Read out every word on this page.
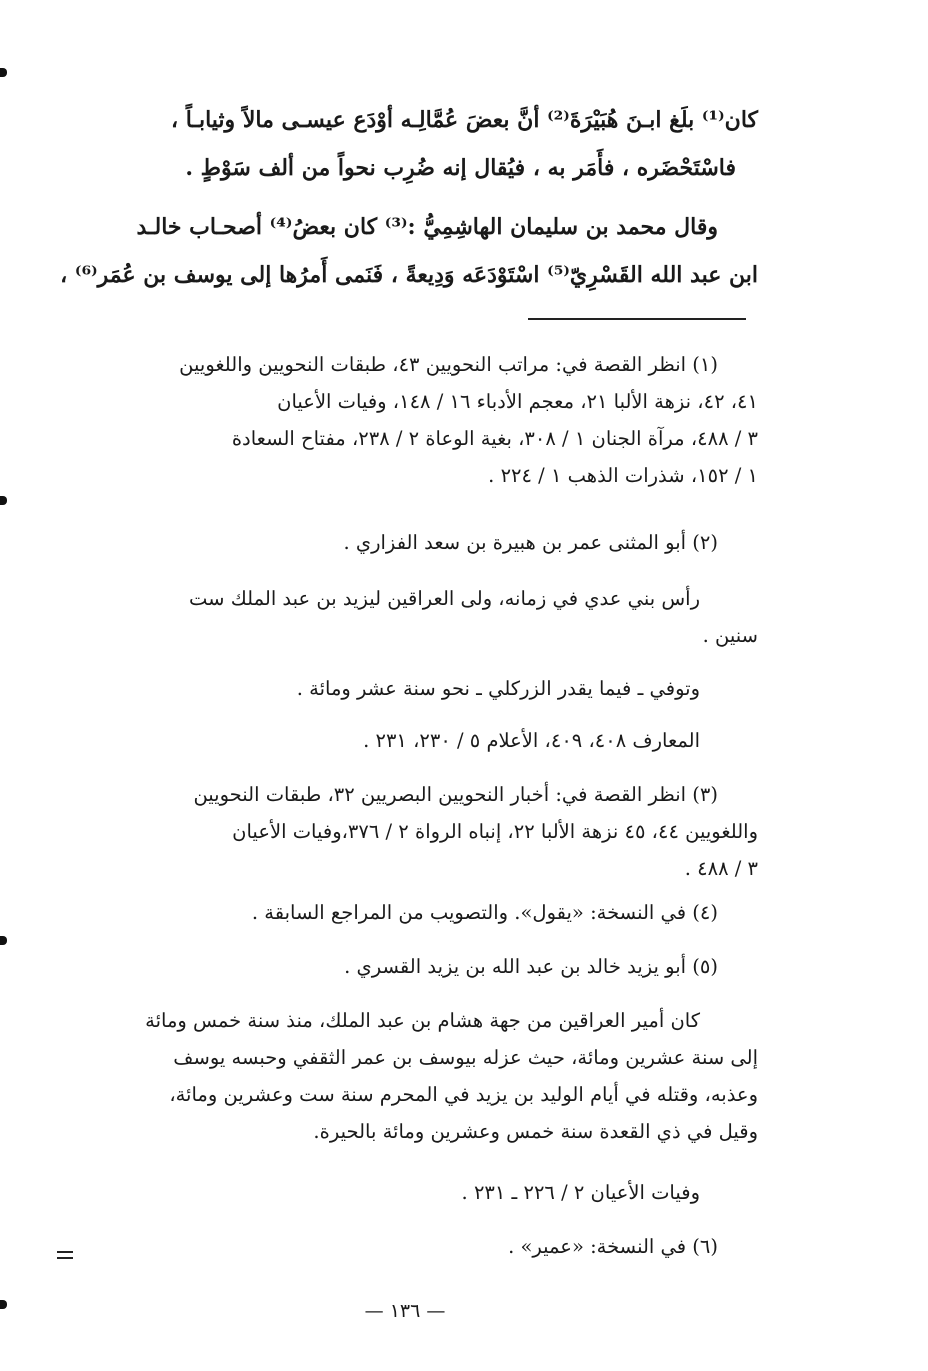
كان⁽¹⁾ بلَغ ابـنَ هُبَيْرَةَ⁽²⁾ أنَّ بعضَ عُمَّالِـه أوْدَع عيسـى مالاً وثيابـاً ،
فاسْتَحْضَره ، فأَمَر به ، فيُقال إنه ضُرِب نحواً من ألف سَوْطٍ .
وقال محمد بن سليمان الهاشِمِيُّ :⁽³⁾ كان بعضُ⁽⁴⁾ أصحـاب خالـد
ابن عبد الله القَسْرِيّ⁽⁵⁾ اسْتَوْدَعَه وَدِيعةً ، فَنَمى أَمرُها إلى يوسف بن عُمَر⁽⁶⁾ ،
(١) انظر القصة في: مراتب النحويين ٤٣، طبقات النحويين واللغويين
٤١، ٤٢، نزهة الألبا ٢١، معجم الأدباء ١٦ / ١٤٨، وفيات الأعيان
٣ / ٤٨٨، مرآة الجنان ١ / ٣٠٨، بغية الوعاة ٢ / ٢٣٨، مفتاح السعادة
١ / ١٥٢، شذرات الذهب ١ / ٢٢٤ .
(٢) أبو المثنى عمر بن هبيرة بن سعد الفزاري .
رأس بني عدي في زمانه، ولى العراقين ليزيد بن عبد الملك ست
سنين .
وتوفي ـ فيما يقدر الزركلي ـ نحو سنة عشر ومائة .
المعارف ٤٠٨، ٤٠٩، الأعلام ٥ / ٢٣٠، ٢٣١ .
(٣) انظر القصة في: أخبار النحويين البصريين ٣٢، طبقات النحويين
واللغويين ٤٤، ٤٥ نزهة الألبا ٢٢، إنباه الرواة ٢ / ٣٧٦،وفيات الأعيان
٣ / ٤٨٨ .
(٤) في النسخة: «يقول». والتصويب من المراجع السابقة .
(٥) أبو يزيد خالد بن عبد الله بن يزيد القسري .
كان أمير العراقين من جهة هشام بن عبد الملك، منذ سنة خمس ومائة
إلى سنة عشرين ومائة، حيث عزله بيوسف بن عمر الثقفي وحبسه يوسف
وعذبه، وقتله في أيام الوليد بن يزيد في المحرم سنة ست وعشرين ومائة،
وقيل في ذي القعدة سنة خمس وعشرين ومائة بالحيرة.
وفيات الأعيان ٢ / ٢٢٦ ـ ٢٣١ .
(٦) في النسخة: «عمير» .
— ١٣٦ —
